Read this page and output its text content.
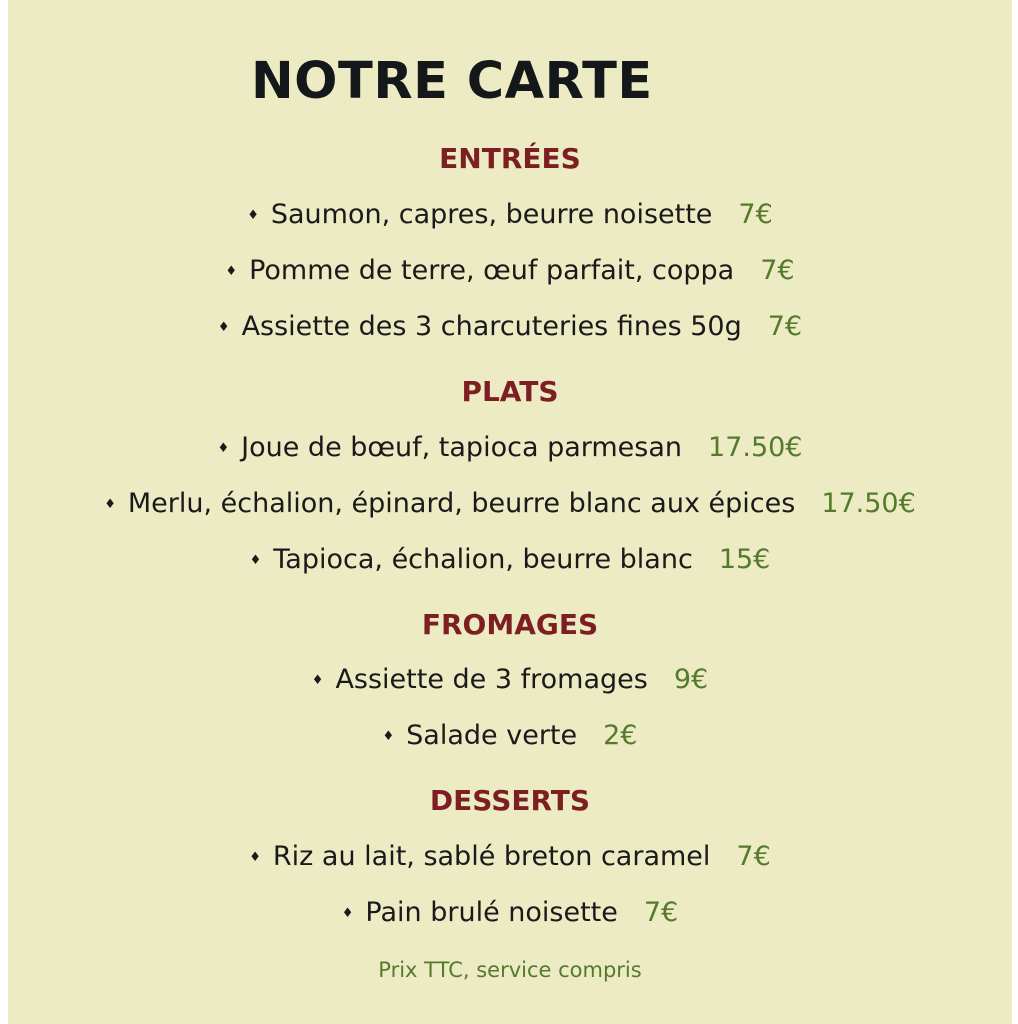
NOTRE CARTE
ENTRÉES
♦ Saumon, capres, beurre noisette 7€
♦ Pomme de terre, œuf parfait, coppa 7€
♦ Assiette des 3 charcuteries fines 50g 7€
PLATS
♦ Joue de bœuf, tapioca parmesan 17.50€
♦ Merlu, échalion, épinard, beurre blanc aux épices 17.50€
♦ Tapioca, échalion, beurre blanc 15€
FROMAGES
♦ Assiette de 3 fromages 9€
♦ Salade verte 2€
DESSERTS
♦ Riz au lait, sablé breton caramel 7€
♦ Pain brulé noisette 7€
Prix TTC, service compris
